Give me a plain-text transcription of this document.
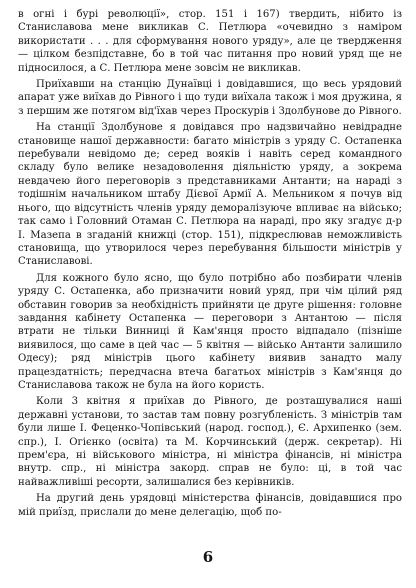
в огні і бурі революції», стор. 151 і 167) твердить, нібито із Станиславова мене викликав С. Петлюра «очевидно з наміром використати . . . для сформування нового уряду», але це твердження — цілком безпідставне, бо в той час питання про новий уряд ще не підносилося, а С. Петлюра мене зовсім не викликав.

Приїхавши на станцію Дунаївці і довідавшися, що весь урядовий апарат уже виїхав до Рівного і що туди виїхала також і моя дружина, я з першим же потягом від'їхав через Проскурів і Здолбунове до Рівного.

На станції Здолбунове я довідався про надзвичайно невідрадне становище нашої державности: багато міністрів з уряду С. Остапенка перебували невідомо де; серед вояків і навіть серед командного складу було велике незадоволення діяльністю уряду, а зокрема невдачею його переговорів з представниками Антанти; на нараді з тодішнім начальником штабу Дієвої Армії А. Мельником я почув від нього, що відсутність членів уряду деморалізуюче впливає на військо; так само і Головний Отаман С. Петлюра на нараді, про яку згадує д-р І. Мазепа в згаданій книжці (стор. 151), підкреслював неможливість становища, що утворилося через перебування більшости міністрів у Станиславові.

Для кожного було ясно, що було потрібно або позбирати членів уряду С. Остапенка, або призначити новий уряд, при чім цілий ряд обставин говорив за необхідність прийняти це друге рішення: головне завдання кабінету Остапенка — переговори з Антантою — після втрати не тільки Винниці й Кам'янця просто відпадало (пізніше виявилося, що саме в цей час — 5 квітня — військо Антанти залишило Одесу); ряд міністрів цього кабінету виявив занадто малу працездатність; передчасна втеча багатьох міністрів з Кам'янця до Станиславова також не була на його користь.

Коли 3 квітня я приїхав до Рівного, де розташувалися наші державні установи, то застав там повну розгубленість. З міністрів там були лише І. Феценко-Чопівський (народ. господ.), Є. Архипенко (зем. спр.), І. Огієнко (освіта) та М. Корчинський (держ. секретар). Ні прем'єра, ні військового міністра, ні міністра фінансів, ні міністра внутр. спр., ні міністра закорд. справ не було: ці, в той час найважливіші ресорти, залишалися без керівників.

На другий день урядовці міністерства фінансів, довідавшися про мій приїзд, прислали до мене делегацію, щоб по-

6
